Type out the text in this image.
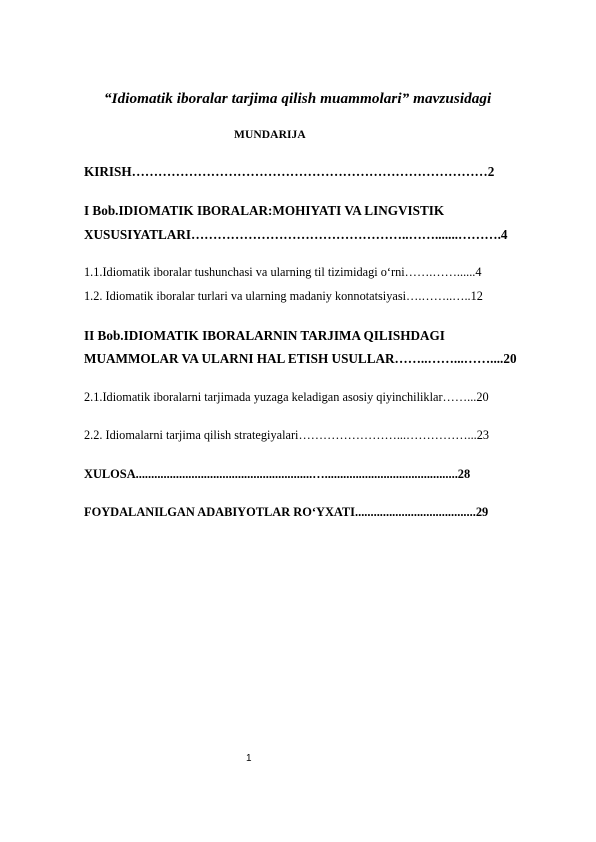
“Idiomatik iboralar tarjima qilish muammolari” mavzusidagi
MUNDARIJA
KIRISH………………………………………………………………………2
I Bob.IDIOMATIK IBORALAR:MOHIYATI VA LINGVISTIK
XUSUSIYATLARI…………………………………………..…….......……….4
1.1.Idiomatik iboralar tushunchasi va ularning til tizimidagi o‘rni…….……......4
1.2. Idiomatik iboralar turlari va ularning madaniy konnotatsiyasi….……..…..12
II Bob.IDIOMATIK IBORALARNIN TARJIMA QILISHDAGI
MUAMMOLAR VA ULARNI HAL ETISH USULLAR……..……...……....20
2.1.Idiomatik iboralarni tarjimada yuzaga keladigan asosiy qiyinchiliklar……...20
2.2. Idiomalarni tarjima qilish strategiyalari……………………...……………...23
XULOSA.........................................................…...........................................28
FOYDALANILGAN ADABIYOTLAR RO‘YXATI.......................................29
1
